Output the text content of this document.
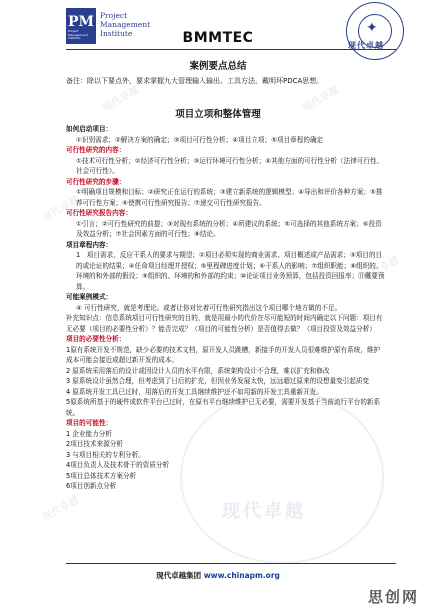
现代卓越	现代卓越
现代卓越
现代卓越
现代卓越	现代卓越
PM
Project Management Institute
Project
Management
Institute	✦
现代卓越
BMMTEC
案例要点总结
备注：除以下要点外，要求掌握九大管理输入输出、工具方法，戴明环PDCA思想。
项目立项和整体管理

如何启动项目：

①识别需求；②解决方案的确定；③项目可行性分析；④项目立项；⑤项目章程的确定

可行性研究的内容：

①技术可行性分析；②经济可行性分析；③运行环境可行性分析；④其他方面的可行性分析（法律可行性、社会可行性）。

可行性研究的步骤：

①明确项目规模和目标；②研究正在运行的系统；③建立新系统的逻辑模型；④导出和评价各种方案；⑤推荐可行性方案；⑥使携可行性研究报告；⑦递交可行性研究报告。

可行性研究报告内容：

①引言；②可行性研究的前提；③对现有系统的分析；④所建议的系统；⑤可选择的其他系统方案；⑥投资及效益分析；⑦社会因素方面的可行性；⑧结论。

项目章程内容：

1　项目需求，反应干系人的要求与期望；②项目必须实现的商业需求、项目概述或产品需求；③项目的目的或论证的结果；④任命项目经理并授权；⑤里程碑进度计划；⑥干系人的影响；⑦组织职能；⑧组织的、环境的和外部的假设；⑨组织的、环境的和外部的约束；⑩论证项目业务预算，包括投资回报率；⑪概要预算。

可能案例模式：

④ 可行性研究，就是考理论。或者让你对比着可行性研究指出这个项目哪个地方做的不足。

补充知识点：信息系统项目可行性研究的目的，就是用最小的代价在尽可能短的时间内确定以下问题：项目有无必要（项目的必要性分析）？能否完成？（项目的可能性分析）是否值得去做？（项目投资及效益分析）

项目的必要性分析：

1原有系统开发不规范，缺少必要的技术文档，原开发人员跳槽，新接手的开发人员很难维护原有系统，维护成本可能会接近或超过新开发的成本。

2 原系统采用落后的设计或因设计人员的水平有限，系统架构设计不合理，难以扩充和修改

3 原系统设计虽然合理，但考虑到了日后的扩充，但因业务发展太快，远远超过原来的设想量变引起质变

4 原系统开发工具已过时，用落后的开发工具继续维护还不如用新的开发工具重新开发。

5原系统所基于的硬件或软件平台已过时，在原有平台继续维护已无必要，需要开发基于当前流行平台的新系统。

项目的可能性：

1 企业能力分析

2项目技术来源分析

3 与项目相关的专利分析。

4项目负责人及技术骨干的资质分析

5项目总体技术方案分析

6项目创新点分析

现代卓越集团 www.chinapm.org
思创网
